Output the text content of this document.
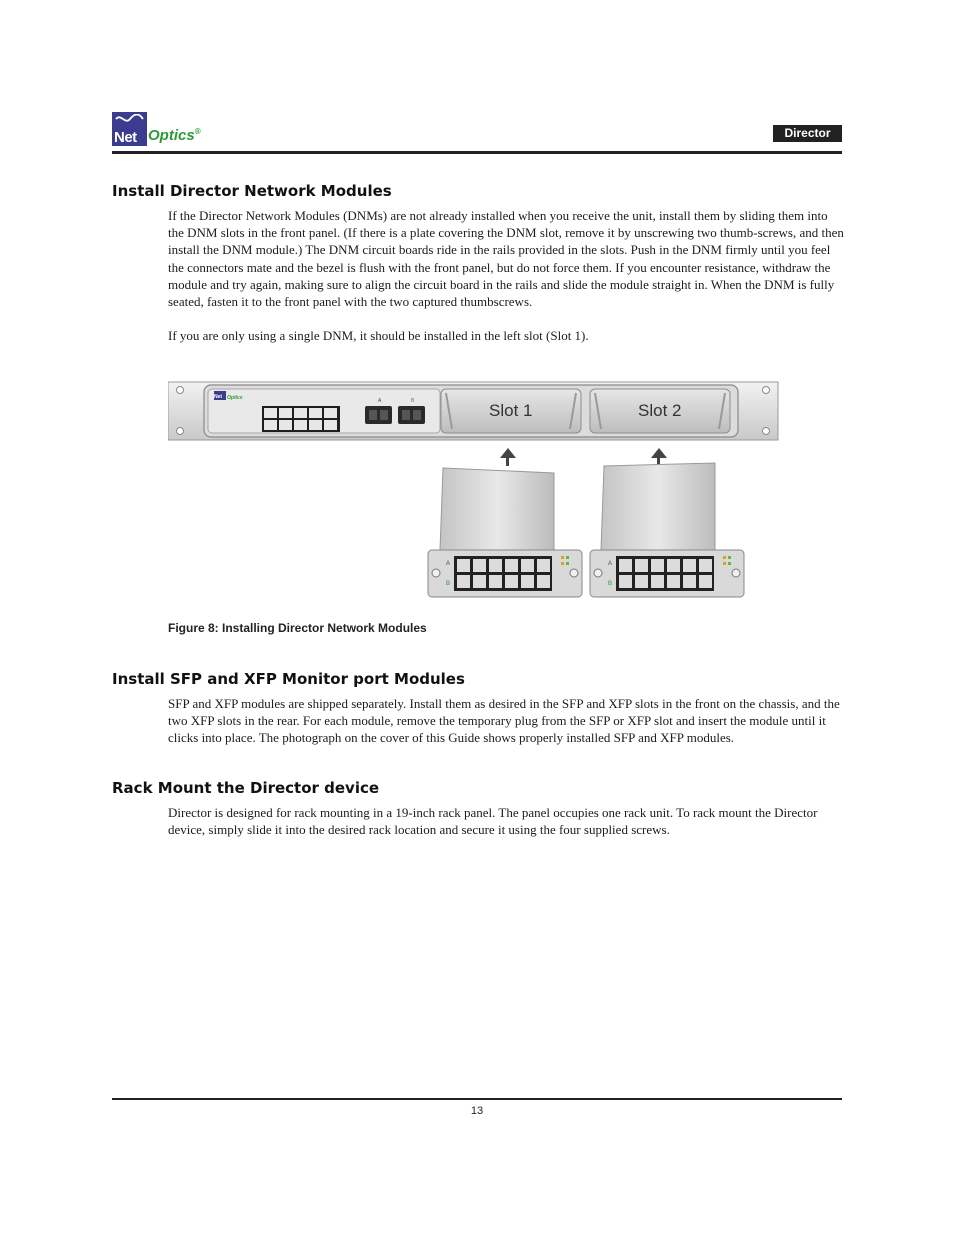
Net Optics®	Director
Install Director Network Modules

If the Director Network Modules (DNMs) are not already installed when you receive the unit, install them by sliding them into the DNM slots in the front panel. (If there is a plate covering the DNM slot, remove it by unscrewing two thumb-screws, and then install the DNM module.) The DNM circuit boards ride in the rails provided in the slots. Push in the DNM firmly until you feel the connectors mate and the bezel is flush with the front panel, but do not force them. If you encounter resistance, withdraw the module and try again, making sure to align the circuit board in the rails and slide the module straight in. When the DNM is fully seated, fasten it to the front panel with the two captured thumbscrews.

If you are only using a single DNM, it should be installed in the left slot (Slot 1).

Net Optics	A	B	Slot 1	Slot 2
A
B
A
B
Figure 8: Installing Director Network Modules
Install SFP and XFP Monitor port Modules

SFP and XFP modules are shipped separately. Install them as desired in the SFP and XFP slots in the front on the chassis, and the two XFP slots in the rear. For each module, remove the temporary plug from the SFP or XFP slot and insert the module until it clicks into place. The photograph on the cover of this Guide shows properly installed SFP and XFP modules.

Rack Mount the Director device

Director is designed for rack mounting in a 19-inch rack panel. The panel occupies one rack unit. To rack mount the Director device, simply slide it into the desired rack location and secure it using the four supplied screws.

13
